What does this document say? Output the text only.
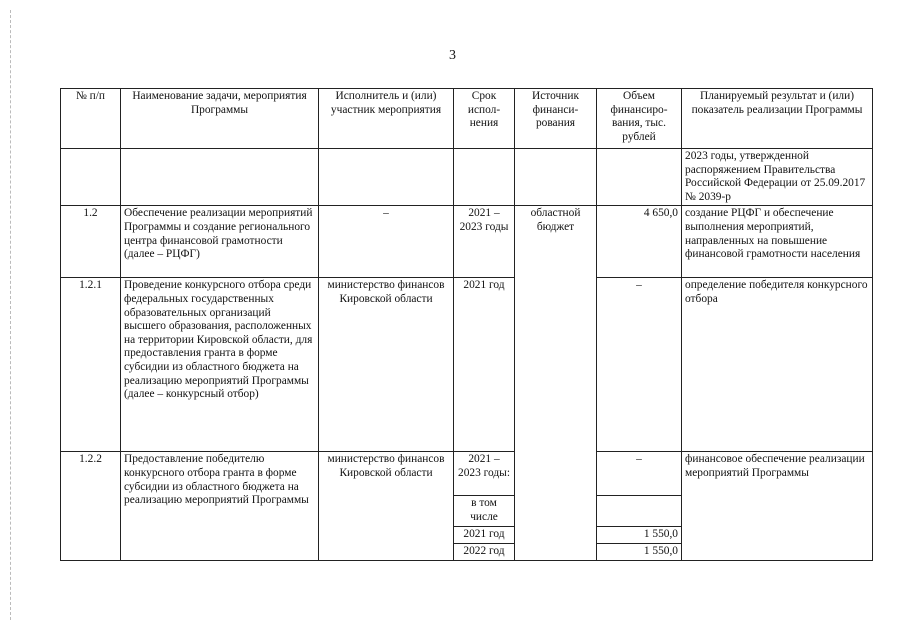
3
№ п/п	Наименование задачи, мероприятия Программы	Исполнитель и (или) участник мероприятия	Срок испол-нения	Источник финанси-рования	Объем финансиро-вания, тыс. рублей	Планируемый результат и (или) показатель реализации Программы
						2023 годы, утвержденной распоряжением Правительства Российской Федерации от 25.09.2017 № 2039-р
1.2	Обеспечение реализации мероприятий Программы и создание регионального центра финансовой грамотности (далее – РЦФГ)	–	2021 – 2023 годы	областной бюджет	4 650,0	создание РЦФГ и обеспечение выполнения мероприятий, направленных на повышение финансовой грамотности населения
1.2.1	Проведение конкурсного отбора среди федеральных государственных образовательных организаций высшего образования, расположенных на территории Кировской области, для предоставления гранта в форме субсидии из областного бюджета на реализацию мероприятий Программы (далее – конкурсный отбор)	министерство финансов Кировской области	2021 год		–	определение победителя конкурсного отбора
1.2.2	Предоставление победителю конкурсного отбора гранта в форме субсидии из областного бюджета на реализацию мероприятий Программы	министерство финансов Кировской области	2021 – 2023 годы:		–	финансовое обеспечение реализации мероприятий Программы
			в том числе			
			2021 год		1 550,0	
			2022 год		1 550,0	
